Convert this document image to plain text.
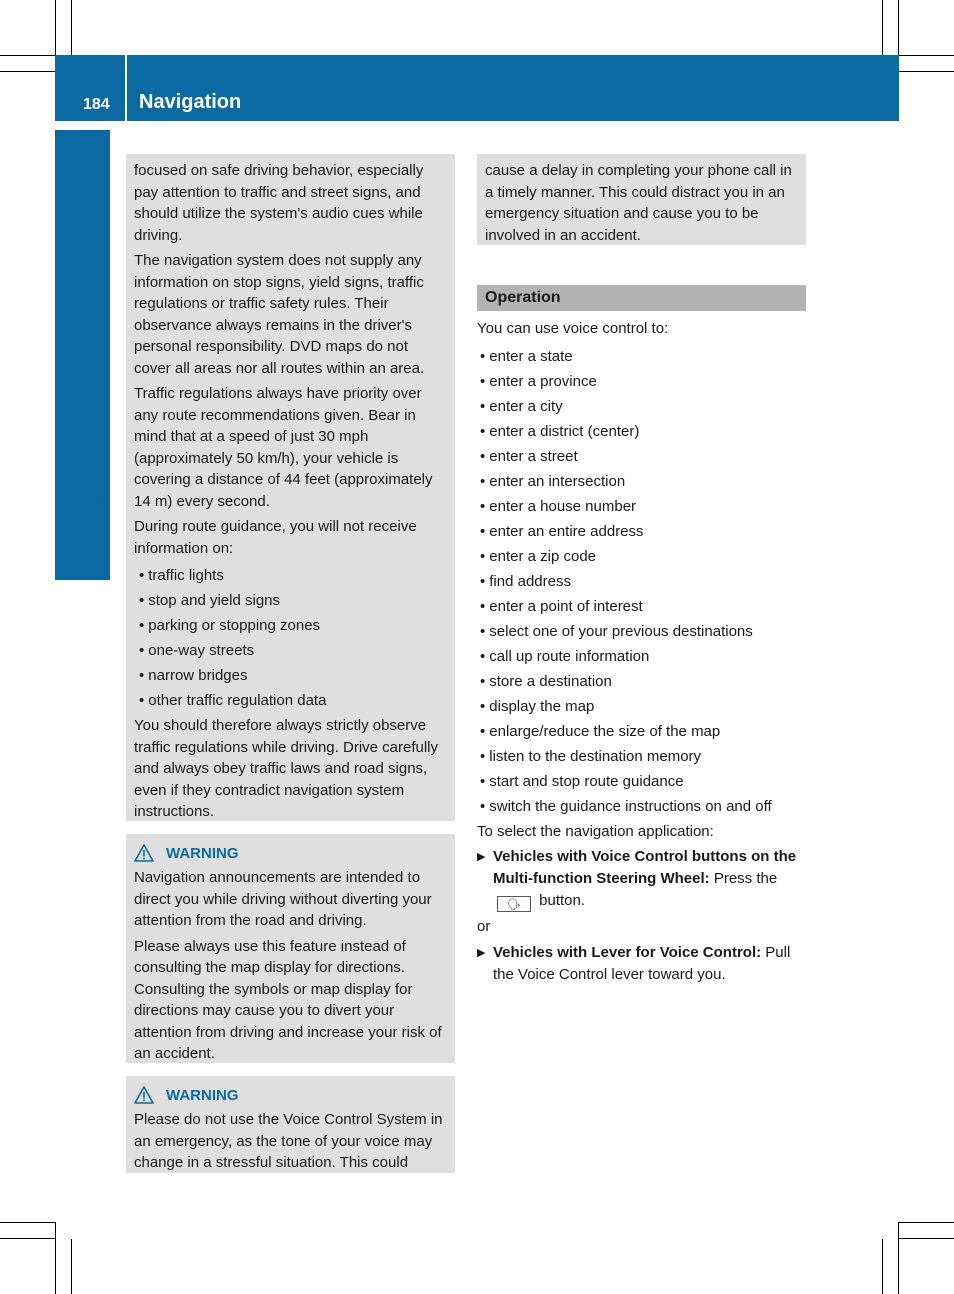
184 Navigation
Voice Control

focused on safe driving behavior, especially pay attention to traffic and street signs, and should utilize the system's audio cues while driving.

The navigation system does not supply any information on stop signs, yield signs, traffic regulations or traffic safety rules. Their observance always remains in the driver's personal responsibility. DVD maps do not cover all areas nor all routes within an area.

Traffic regulations always have priority over any route recommendations given. Bear in mind that at a speed of just 30 mph (approximately 50 km/h), your vehicle is covering a distance of 44 feet (approximately 14 m) every second.

During route guidance, you will not receive information on:

• traffic lights
• stop and yield signs
• parking or stopping zones
• one-way streets
• narrow bridges
• other traffic regulation data

You should therefore always strictly observe traffic regulations while driving. Drive carefully and always obey traffic laws and road signs, even if they contradict navigation system instructions.

WARNING

Navigation announcements are intended to direct you while driving without diverting your attention from the road and driving.

Please always use this feature instead of consulting the map display for directions. Consulting the symbols or map display for directions may cause you to divert your attention from driving and increase your risk of an accident.

WARNING

Please do not use the Voice Control System in an emergency, as the tone of your voice may change in a stressful situation. This could

cause a delay in completing your phone call in a timely manner. This could distract you in an emergency situation and cause you to be involved in an accident.

Operation

You can use voice control to:

• enter a state
• enter a province
• enter a city
• enter a district (center)
• enter a street
• enter an intersection
• enter a house number
• enter an entire address
• enter a zip code
• find address
• enter a point of interest
• select one of your previous destinations
• call up route information
• store a destination
• display the map
• enlarge/reduce the size of the map
• listen to the destination memory
• start and stop route guidance
• switch the guidance instructions on and off

To select the navigation application:

▶ Vehicles with Voice Control buttons on the Multi-function Steering Wheel: Press the🗣 button.

or

▶ Vehicles with Lever for Voice Control: Pull the Voice Control lever toward you.
